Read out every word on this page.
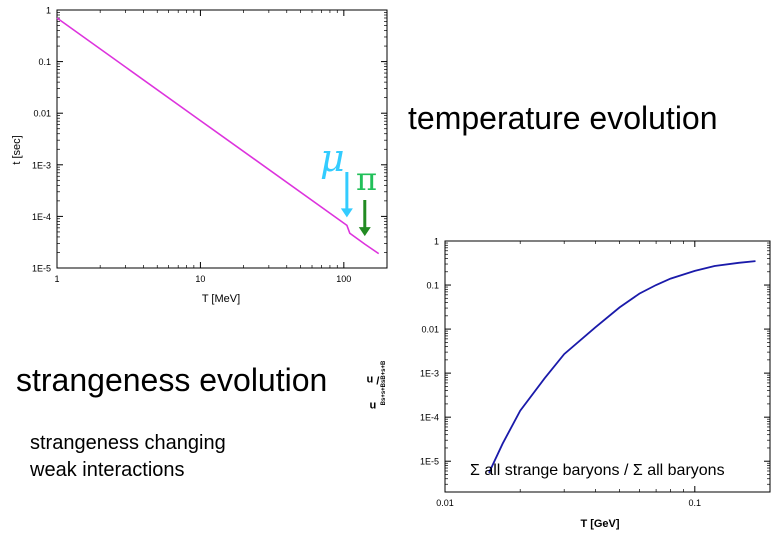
1
0.1
0.01
1E-3
1E-4
1E-5
1	10	100
T [MeV]
t [sec]
1
0.1
0.01
1E-3
1E-4
1E-5
0.01	0.1
T [GeV]
n $_{Bs+s+Bs}$
/ n $_{B+s+B}$
Σ all strange baryons / Σ all baryons
μ π
temperature evolution
strangeness evolution
strangeness changing
weak interactions
